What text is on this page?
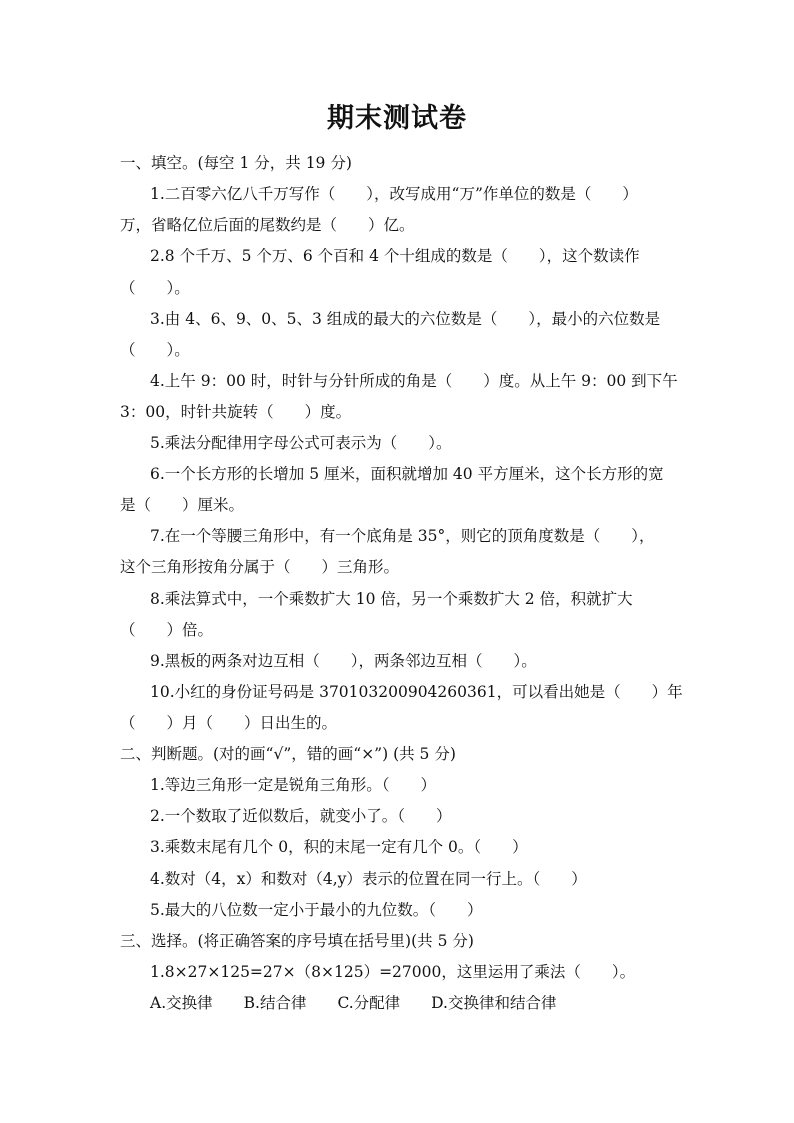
期末测试卷
一、填空。(每空 1 分，共 19 分)
1.二百零六亿八千万写作（　　），改写成用“万”作单位的数是（　　）
万，省略亿位后面的尾数约是（　　）亿。
2.8 个千万、5 个万、6 个百和 4 个十组成的数是（　　），这个数读作
（　　）。
3.由 4、6、9、0、5、3 组成的最大的六位数是（　　），最小的六位数是
（　　）。
4.上午 9：00 时，时针与分针所成的角是（　　）度。从上午 9：00 到下午
3：00，时针共旋转（　　）度。
5.乘法分配律用字母公式可表示为（　　）。
6.一个长方形的长增加 5 厘米，面积就增加 40 平方厘米，这个长方形的宽
是（　　）厘米。
7.在一个等腰三角形中，有一个底角是 35°，则它的顶角度数是（　　），
这个三角形按角分属于（　　）三角形。
8.乘法算式中，一个乘数扩大 10 倍，另一个乘数扩大 2 倍，积就扩大
（　　）倍。
9.黑板的两条对边互相（　　），两条邻边互相（　　）。
10.小红的身份证号码是 370103200904260361，可以看出她是（　　）年
（　　）月（　　）日出生的。
二、判断题。(对的画“√”，错的画“×”) (共 5 分)
1.等边三角形一定是锐角三角形。（　　）
2.一个数取了近似数后，就变小了。（　　）
3.乘数末尾有几个 0，积的末尾一定有几个 0。（　　）
4.数对（4，x）和数对（4,y）表示的位置在同一行上。（　　）
5.最大的八位数一定小于最小的九位数。（　　）
三、选择。(将正确答案的序号填在括号里)(共 5 分)
1.8×27×125=27×（8×125）=27000，这里运用了乘法（　　）。
A.交换律　　B.结合律　　C.分配律　　D.交换律和结合律
